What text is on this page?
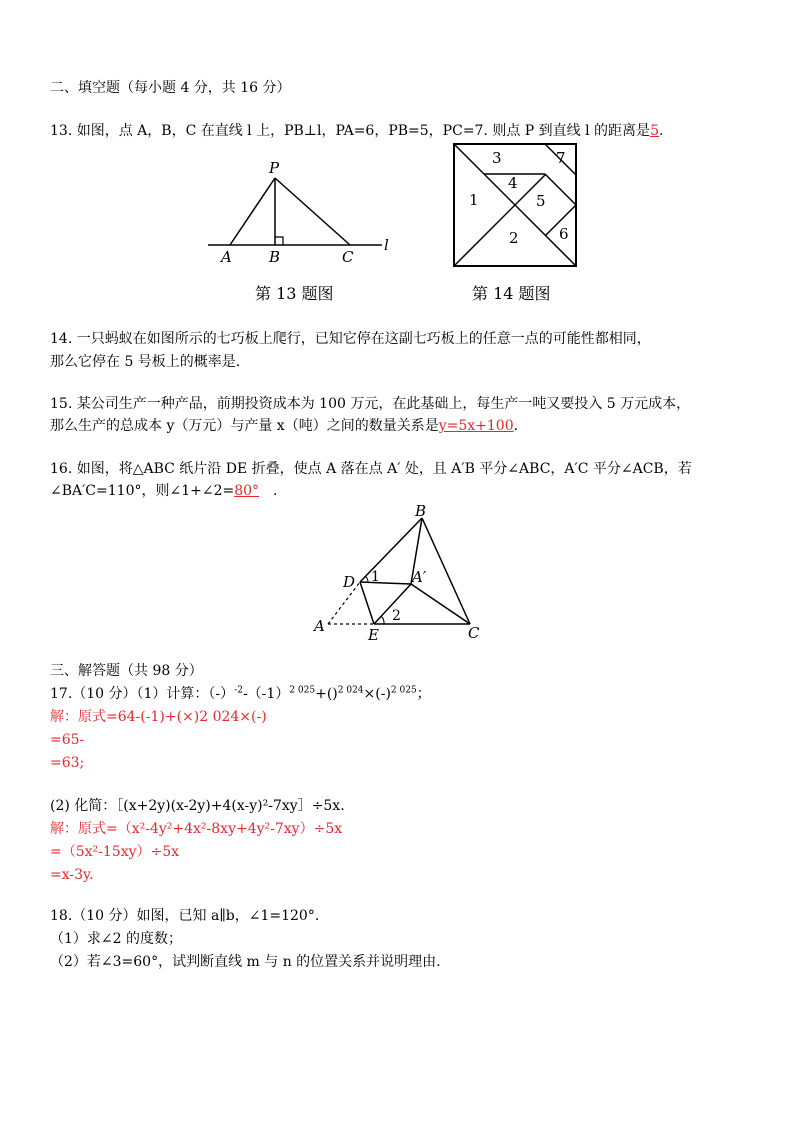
二、填空题（每小题 4 分，共 16 分）
13. 如图，点 A，B，C 在直线 l 上，PB⊥l，PA=6，PB=5，PC=7. 则点 P 到直线 l 的距离是5.
P
A B	C
l
第 13 题图
3	7
4
1	5
6
2
第 14 题图
14. 一只蚂蚁在如图所示的七巧板上爬行，已知它停在这副七巧板上的任意一点的可能性都相同，
那么它停在 5 号板上的概率是.
15. 某公司生产一种产品，前期投资成本为 100 万元，在此基础上，每生产一吨又要投入 5 万元成本，
那么生产的总成本 y（万元）与产量 x（吨）之间的数量关系是y=5x+100.
16. 如图，将△ABC 纸片沿 DE 折叠，使点 A 落在点 A′ 处，且 A′B 平分∠ABC，A′C 平分∠ACB，若
∠BA′C=110°，则∠1+∠2=80° .
B
D 1 A′
A	E
2
C
三、解答题（共 98 分）
17.（10 分）（1）计算：$(-)^{-2}-(-1)^{2 025}+()^{2 024}\times(-)^{2 025}$；
解：原式=64-(-1)+(×)2 024×(-)
=65-
=63;
(2) 化简：［(x+2y)(x-2y)+4(x-y)²-7xy］÷5x.
解：原式=（x²-4y²+4x²-8xy+4y²-7xy）÷5x
=（5x²-15xy）÷5x
=x-3y.
18.（10 分）如图，已知 a∥b，∠1=120°.
（1）求∠2 的度数；
（2）若∠3=60°，试判断直线 m 与 n 的位置关系并说明理由.
